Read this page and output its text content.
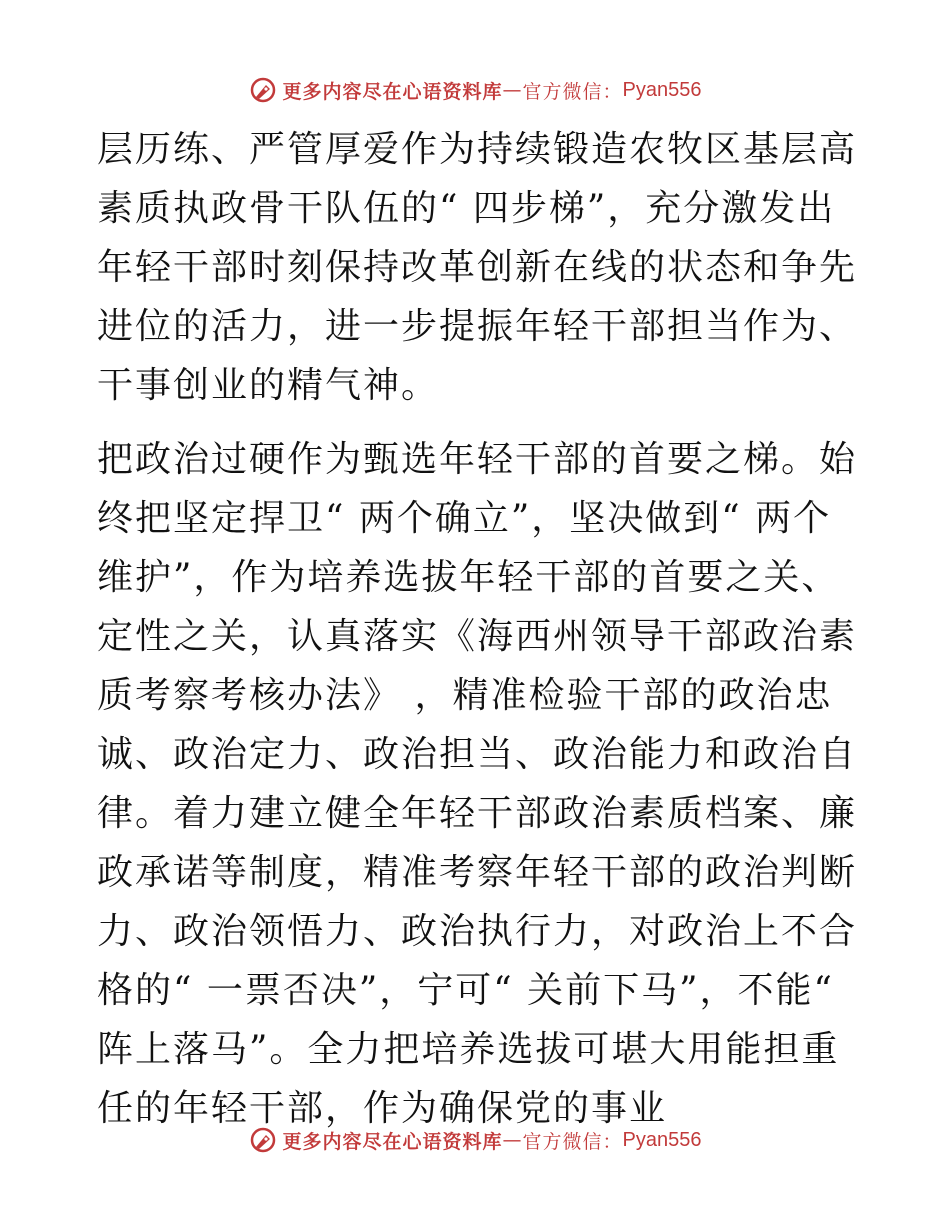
更多内容尽在心语资料库 — 官方微信： Pyan556

层历练、严管厚爱作为持续锻造农牧区基层高素质执政骨干队伍的“ 四步梯”，充分激发出年轻干部时刻保持改革创新在线的状态和争先进位的活力，进一步提振年轻干部担当作为、干事创业的精气神。

把政治过硬作为甄选年轻干部的首要之梯。始终把坚定捍卫“ 两个确立”，坚决做到“ 两个维护”，作为培养选拔年轻干部的首要之关、定性之关，认真落实《海西州领导干部政治素质考察考核办法》 ，精准检验干部的政治忠诚、政治定力、政治担当、政治能力和政治自律。着力建立健全年轻干部政治素质档案、廉政承诺等制度，精准考察年轻干部的政治判断力、政治领悟力、政治执行力，对政治上不合格的“ 一票否决”，宁可“ 关前下马”，不能“ 阵上落马”。全力把培养选拔可堪大用能担重任的年轻干部，作为确保党的事业

更多内容尽在心语资料库 — 官方微信： Pyan556
